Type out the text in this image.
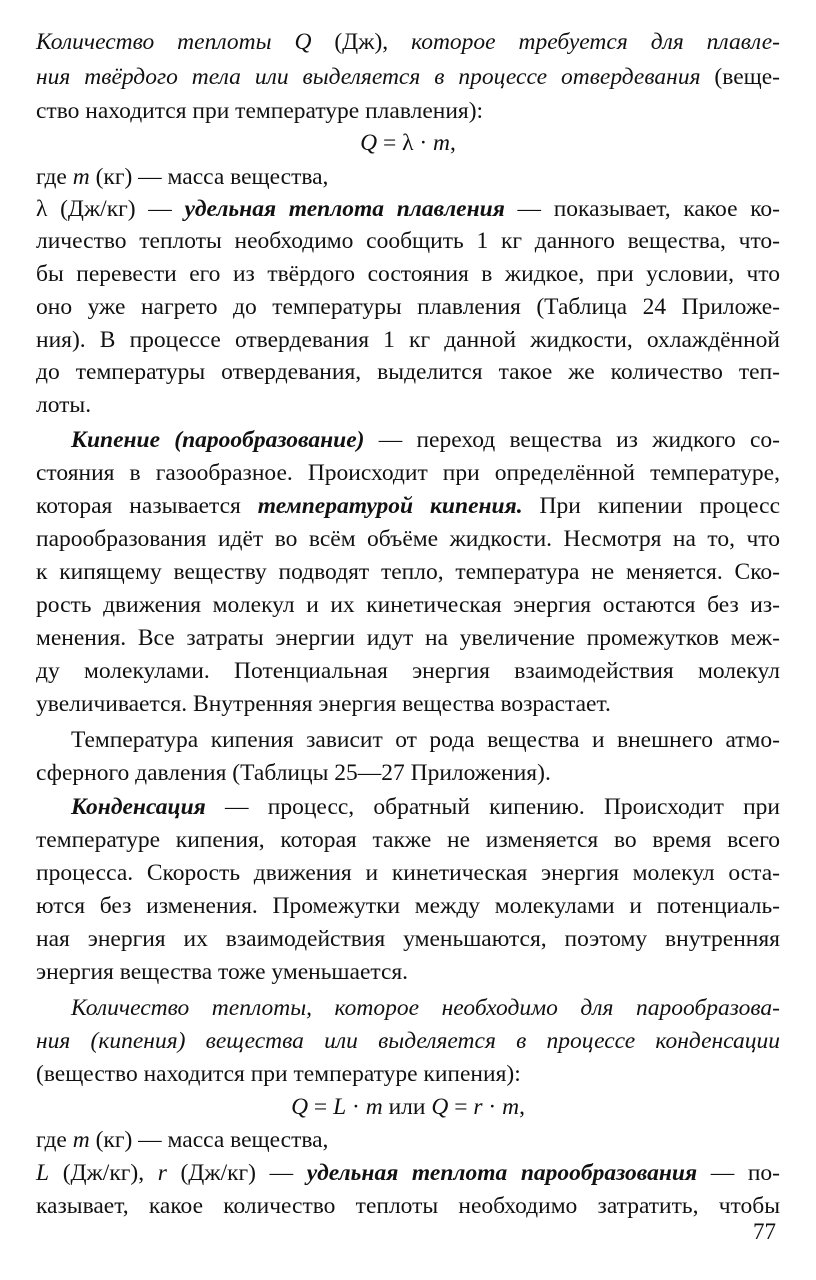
Количество теплоты Q (Дж), которое требуется для плавле-
ния твёрдого тела или выделяется в процессе отвердевания (веще-
ство находится при температуре плавления):
Q = λ · m,
где m (кг) — масса вещества,
λ (Дж/кг) — удельная теплота плавления — показывает, какое ко-
личество теплоты необходимо сообщить 1 кг данного вещества, что-
бы перевести его из твёрдого состояния в жидкое, при условии, что
оно уже нагрето до температуры плавления (Таблица 24 Приложе-
ния). В процессе отвердевания 1 кг данной жидкости, охлаждённой
до температуры отвердевания, выделится такое же количество теп-
лоты.
Кипение (парообразование) — переход вещества из жидкого со-
стояния в газообразное. Происходит при определённой температуре,
которая называется температурой кипения. При кипении процесс
парообразования идёт во всём объёме жидкости. Несмотря на то, что
к кипящему веществу подводят тепло, температура не меняется. Ско-
рость движения молекул и их кинетическая энергия остаются без из-
менения. Все затраты энергии идут на увеличение промежутков меж-
ду молекулами. Потенциальная энергия взаимодействия молекул
увеличивается. Внутренняя энергия вещества возрастает.
Температура кипения зависит от рода вещества и внешнего атмо-
сферного давления (Таблицы 25—27 Приложения).
Конденсация — процесс, обратный кипению. Происходит при
температуре кипения, которая также не изменяется во время всего
процесса. Скорость движения и кинетическая энергия молекул оста-
ются без изменения. Промежутки между молекулами и потенциаль-
ная энергия их взаимодействия уменьшаются, поэтому внутренняя
энергия вещества тоже уменьшается.
Количество теплоты, которое необходимо для парообразова-
ния (кипения) вещества или выделяется в процессе конденсации
(вещество находится при температуре кипения):
Q = L · m или Q = r · m,
где m (кг) — масса вещества,
L (Дж/кг), r (Дж/кг) — удельная теплота парообразования — по-
казывает, какое количество теплоты необходимо затратить, чтобы
77
